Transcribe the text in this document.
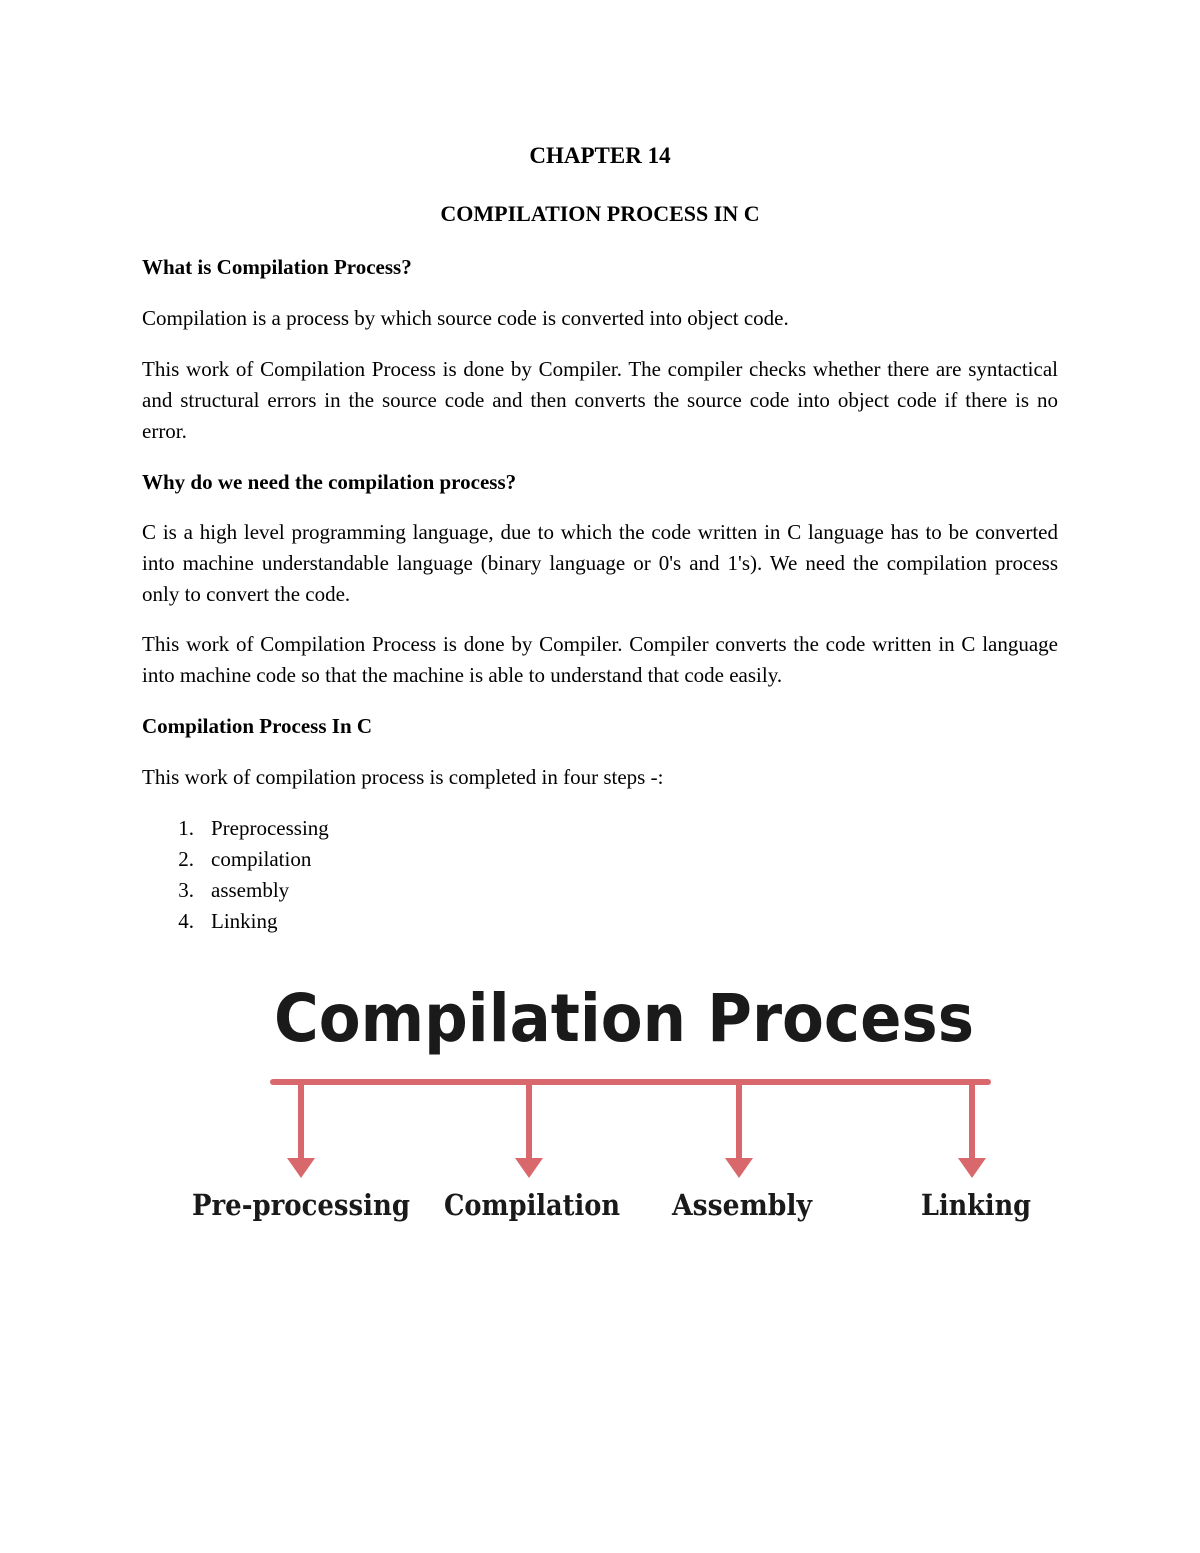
CHAPTER 14
COMPILATION PROCESS IN C
What is Compilation Process?
Compilation is a process by which source code is converted into object code.
This work of Compilation Process is done by Compiler. The compiler checks whether there are syntactical and structural errors in the source code and then converts the source code into object code if there is no error.
Why do we need the compilation process?
C is a high level programming language, due to which the code written in C language has to be converted into machine understandable language (binary language or 0's and 1's). We need the compilation process only to convert the code.
This work of Compilation Process is done by Compiler. Compiler converts the code written in C language into machine code so that the machine is able to understand that code easily.
Compilation Process In C
This work of compilation process is completed in four steps -:
1. Preprocessing
2. compilation
3. assembly
4. Linking
Compilation Process
Pre-processing Compilation Assembly	Linking
